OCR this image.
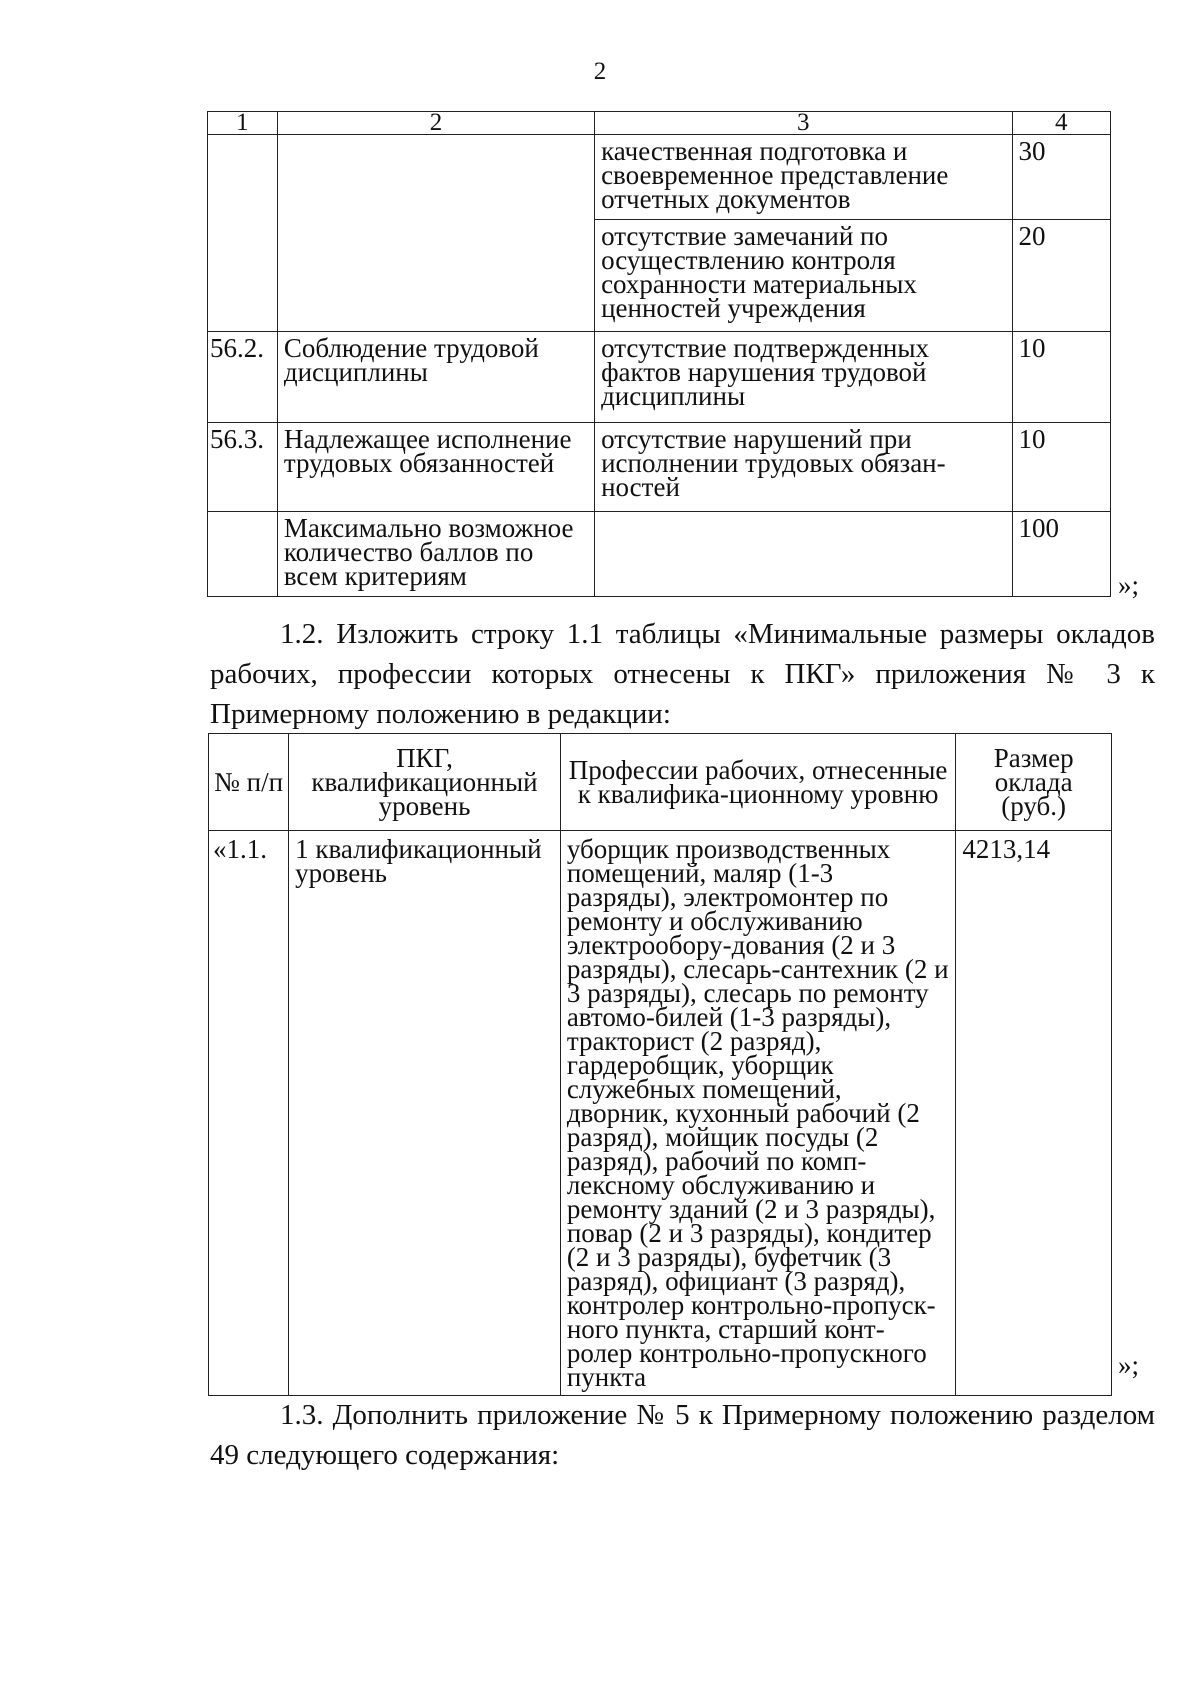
2
1	2	3	4
		качественная подготовка и своевременное представление отчетных документов	30
		отсутствие замечаний по осуществлению контроля сохранности материальных ценностей учреждения	20
56.2.	Соблюдение трудовой дисциплины	отсутствие подтвержденных фактов нарушения трудовой дисциплины	10
56.3.	Надлежащее исполнение трудовых обязанностей	отсутствие нарушений при исполнении трудовых обязан-ностей	10
	Максимально возможное количество баллов по всем критериям		100
»;
1.2. Изложить строку 1.1 таблицы «Минимальные размеры окладов рабочих, профессии которых отнесены к ПКГ» приложения № 3 к Примерному положению в редакции:
№ п/п	ПКГ, квалификационный уровень	Профессии рабочих, отнесенные к квалифика-ционному уровню	Размер оклада (руб.)
«1.1.	1 квалификационный уровень	уборщик производственных помещений, маляр (1-3 разряды), электромонтер по ремонту и обслуживанию электрообору-дования (2 и 3 разряды), слесарь-сантехник (2 и 3 разряды), слесарь по ремонту автомо-билей (1-3 разряды), тракторист (2 разряд), гардеробщик, уборщик служебных помещений, дворник, кухонный рабочий (2 разряд), мойщик посуды (2 разряд), рабочий по комп-лексному обслуживанию и ремонту зданий (2 и 3 разряды), повар (2 и 3 разряды), кондитер (2 и 3 разряды), буфетчик (3 разряд), официант (3 разряд), контролер контрольно-пропуск-ного пункта, старший конт-ролер контрольно-пропускного пункта	4213,14
»;
1.3. Дополнить приложение № 5 к Примерному положению разделом 49 следующего содержания:
